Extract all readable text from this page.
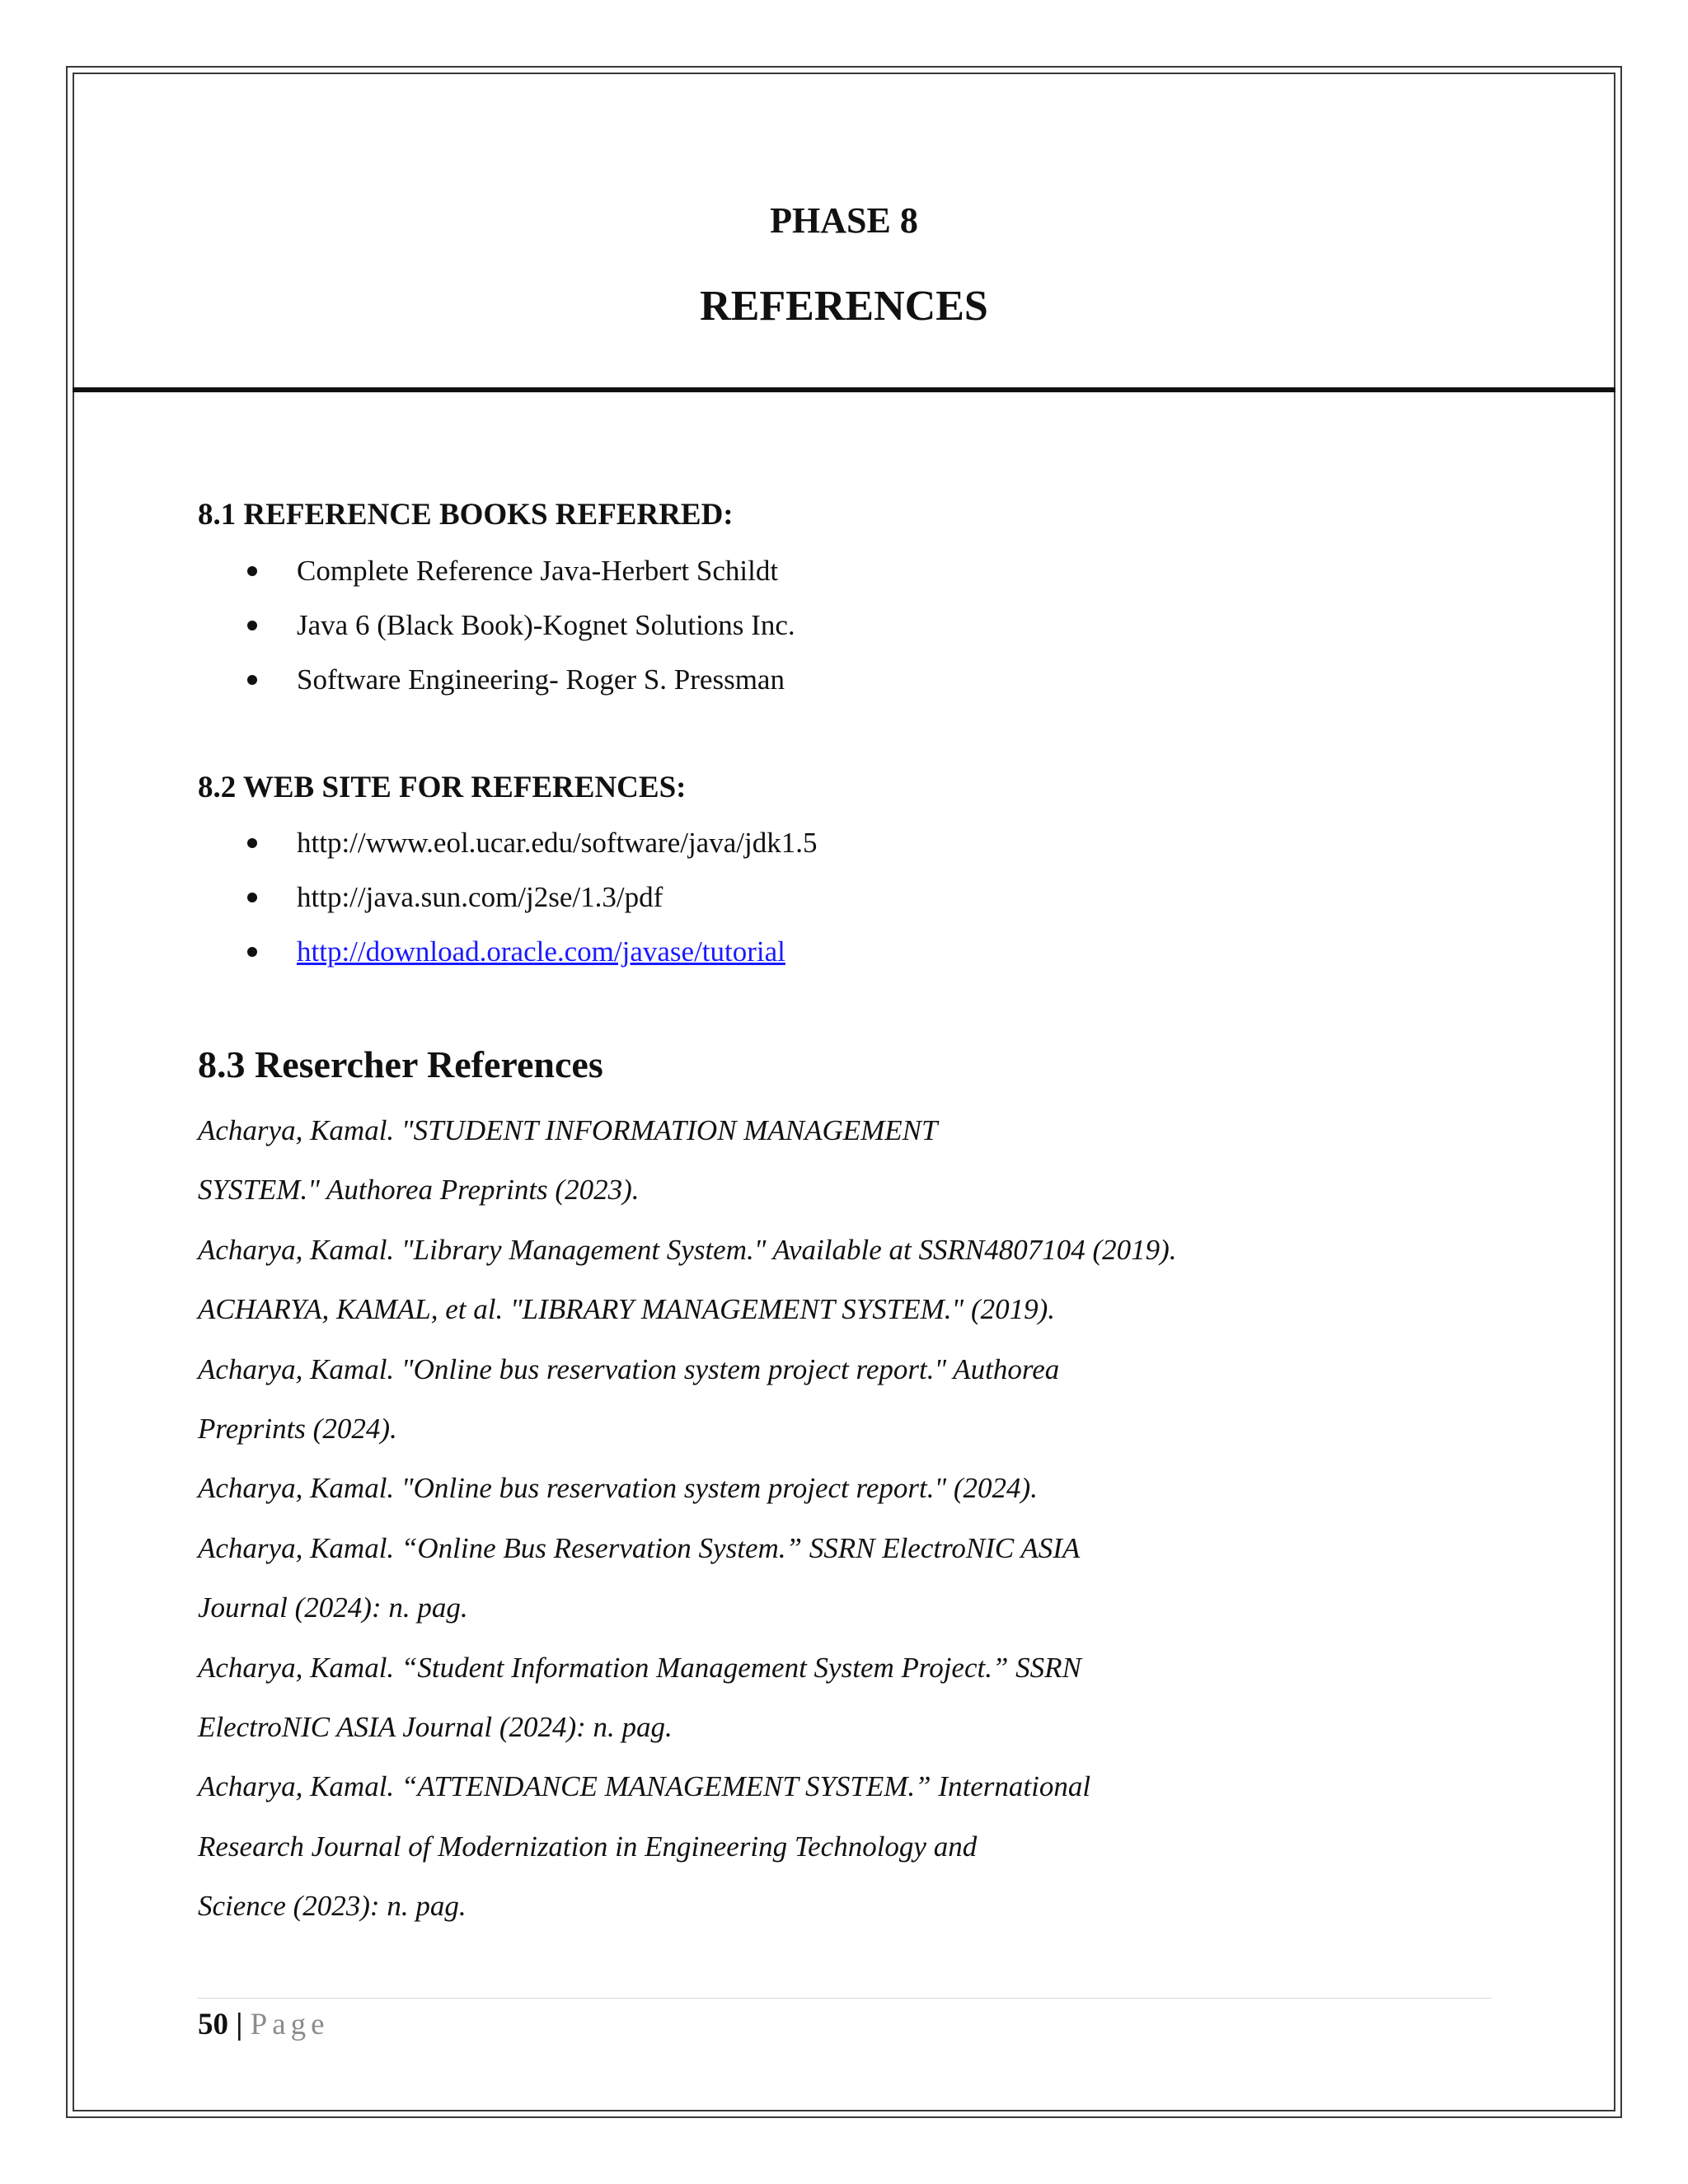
PHASE 8
REFERENCES
8.1 REFERENCE BOOKS REFERRED:
Complete Reference Java-Herbert Schildt
Java 6 (Black Book)-Kognet Solutions Inc.
Software Engineering- Roger S. Pressman
8.2 WEB SITE FOR REFERENCES:
http://www.eol.ucar.edu/software/java/jdk1.5
http://java.sun.com/j2se/1.3/pdf
http://download.oracle.com/javase/tutorial
8.3 Resercher References
Acharya, Kamal. "STUDENT INFORMATION MANAGEMENT
SYSTEM." Authorea Preprints (2023).
Acharya, Kamal. "Library Management System." Available at SSRN4807104 (2019).
ACHARYA, KAMAL, et al. "LIBRARY MANAGEMENT SYSTEM." (2019).
Acharya, Kamal. "Online bus reservation system project report." Authorea
Preprints (2024).
Acharya, Kamal. "Online bus reservation system project report." (2024).
Acharya, Kamal. “Online Bus Reservation System.” SSRN ElectroNIC ASIA
Journal (2024): n. pag.
Acharya, Kamal. “Student Information Management System Project.” SSRN
ElectroNIC ASIA Journal (2024): n. pag.
Acharya, Kamal. “ATTENDANCE MANAGEMENT SYSTEM.” International
Research Journal of Modernization in Engineering Technology and
Science (2023): n. pag.
50 | Page
